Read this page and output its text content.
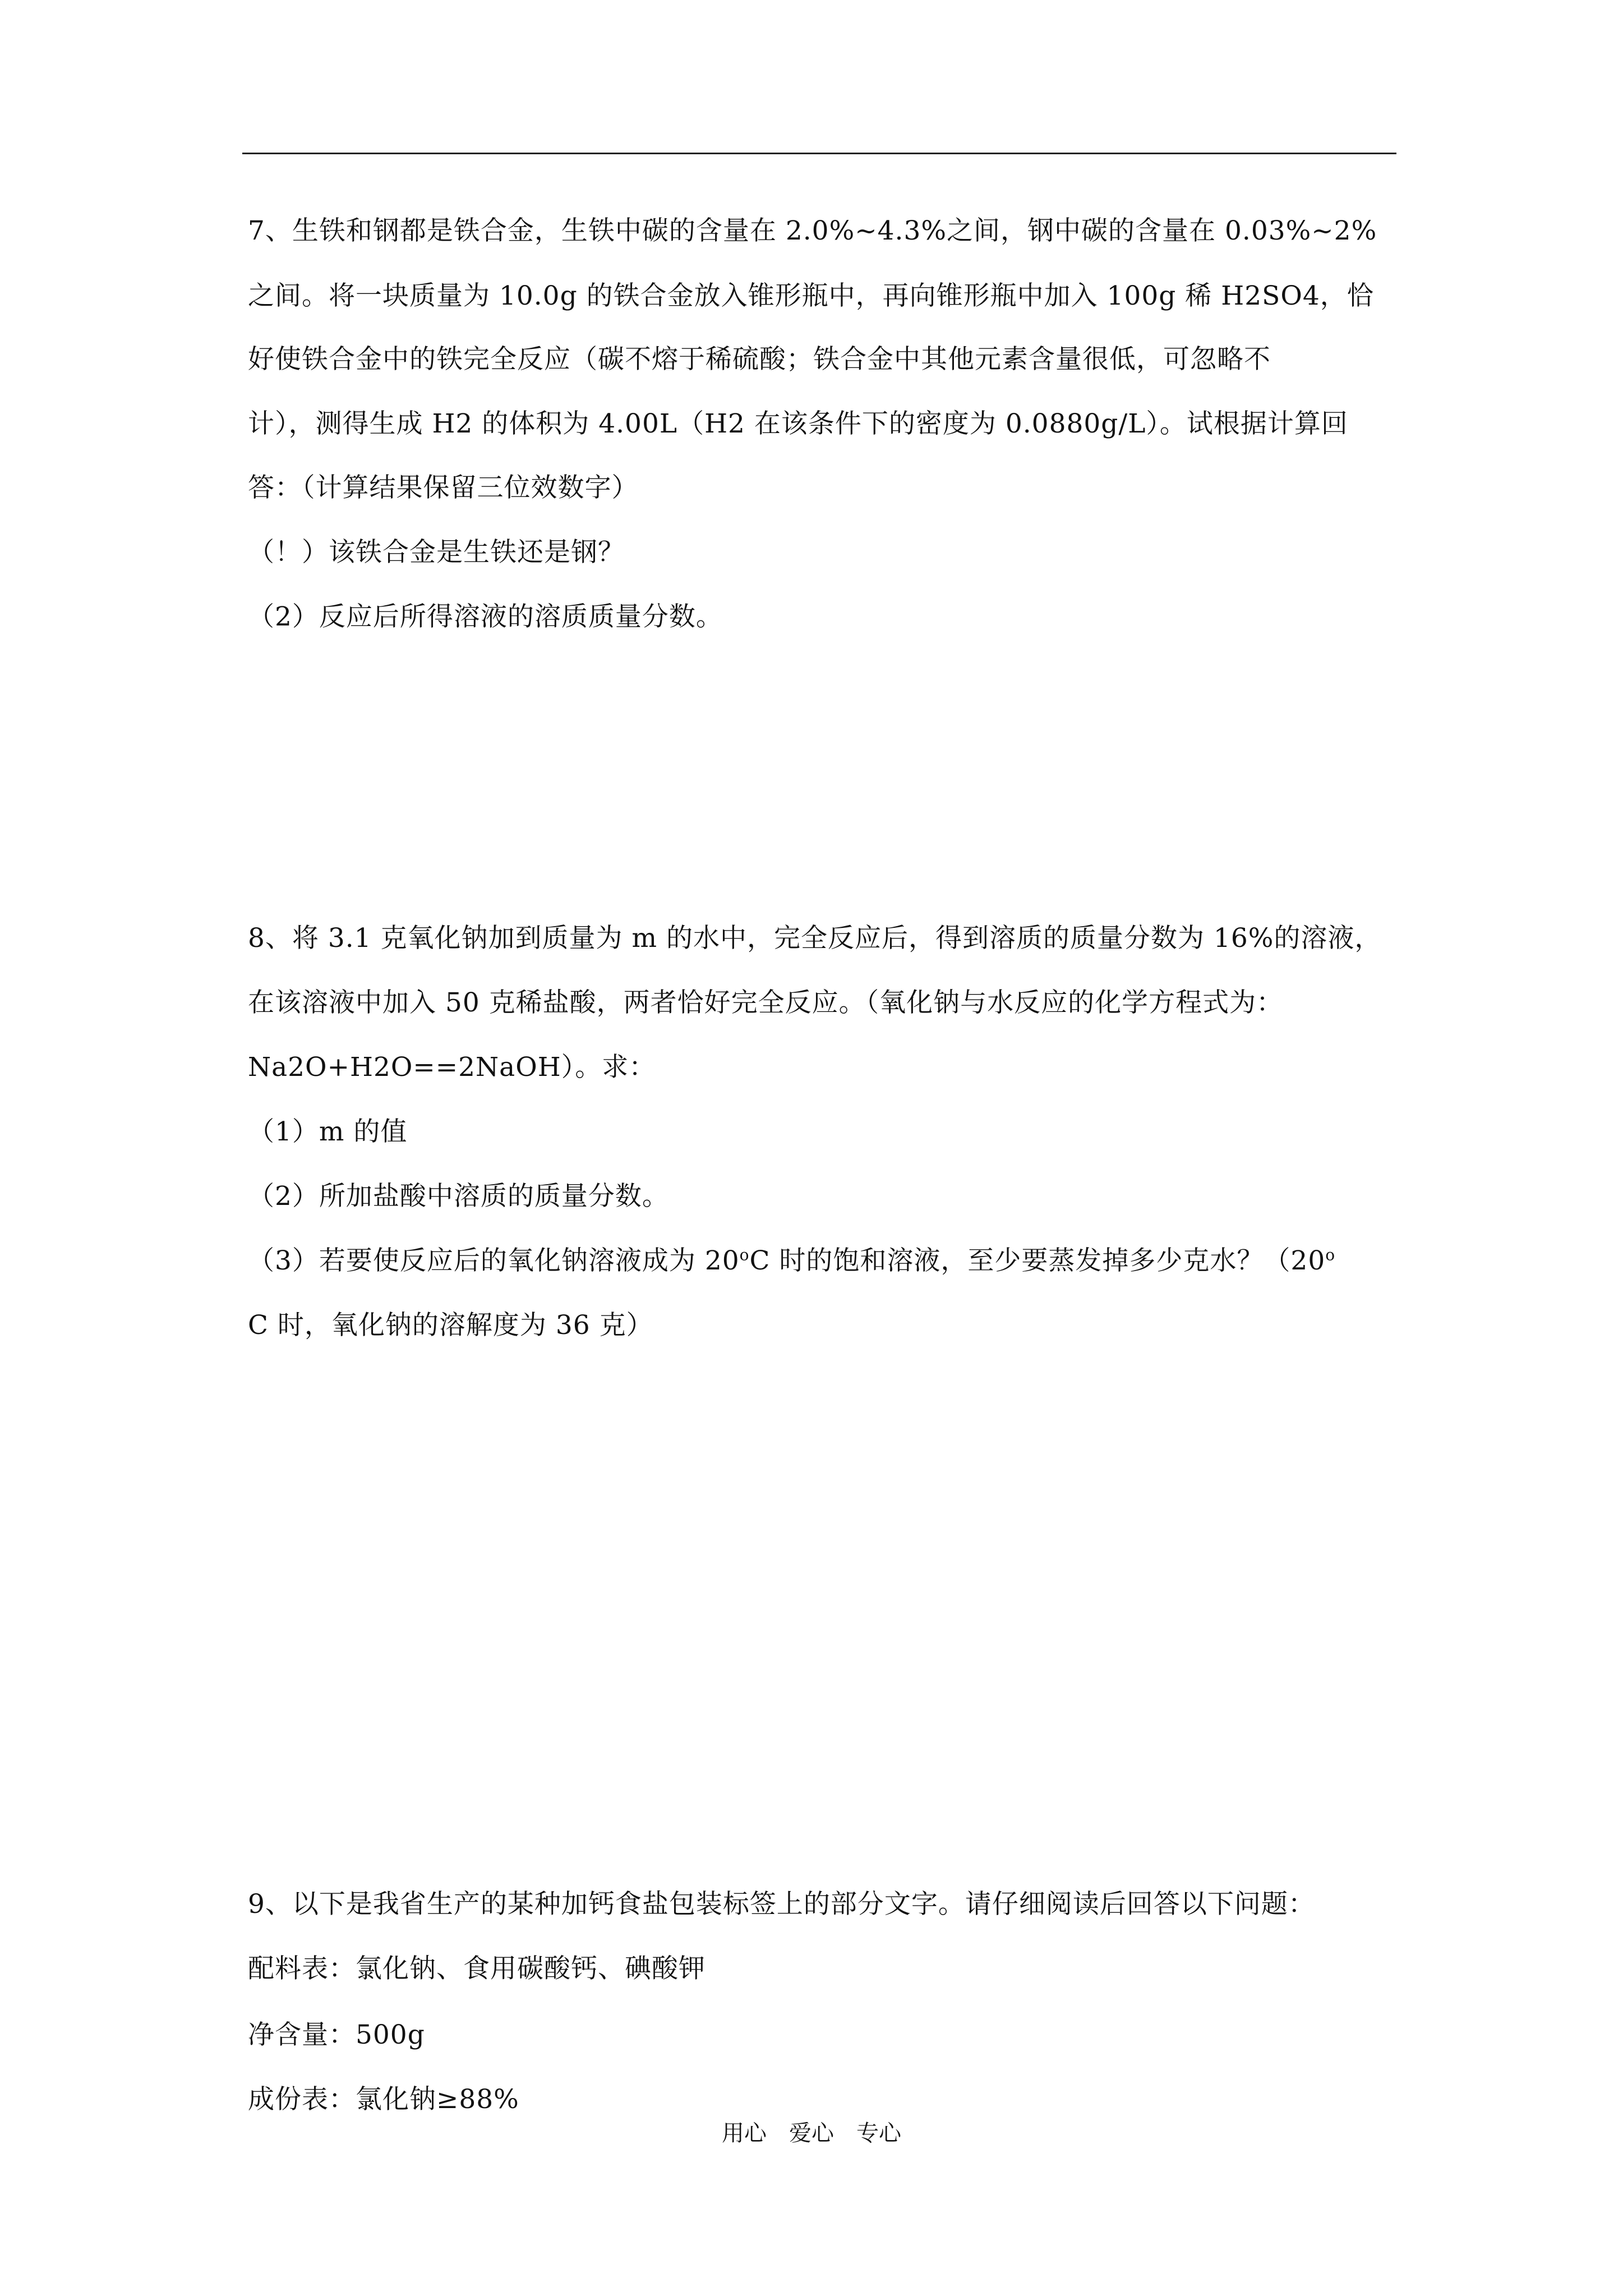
7、生铁和钢都是铁合金，生铁中碳的含量在 2.0%~4.3%之间，钢中碳的含量在 0.03%~2%
之间。将一块质量为 10.0g 的铁合金放入锥形瓶中，再向锥形瓶中加入 100g 稀 H2SO4，恰
好使铁合金中的铁完全反应（碳不熔于稀硫酸；铁合金中其他元素含量很低，可忽略不
计），测得生成 H2 的体积为 4.00L（H2 在该条件下的密度为 0.0880g/L）。试根据计算回
答：（计算结果保留三位效数字）
（！）该铁合金是生铁还是钢？
（2）反应后所得溶液的溶质质量分数。
8、将 3.1 克氧化钠加到质量为 m 的水中，完全反应后，得到溶质的质量分数为 16%的溶液，
在该溶液中加入 50 克稀盐酸，两者恰好完全反应。（氧化钠与水反应的化学方程式为：
Na2O+H2O==2NaOH）。求：
（1）m 的值
（2）所加盐酸中溶质的质量分数。
（3）若要使反应后的氧化钠溶液成为 20$^o$C 时的饱和溶液，至少要蒸发掉多少克水？（20$^o$
C 时，氧化钠的溶解度为 36 克）
9、以下是我省生产的某种加钙食盐包装标签上的部分文字。请仔细阅读后回答以下问题：
配料表：氯化钠、食用碳酸钙、碘酸钾
净含量：500g
成份表：氯化钠≥88%
用心　爱心　专心
